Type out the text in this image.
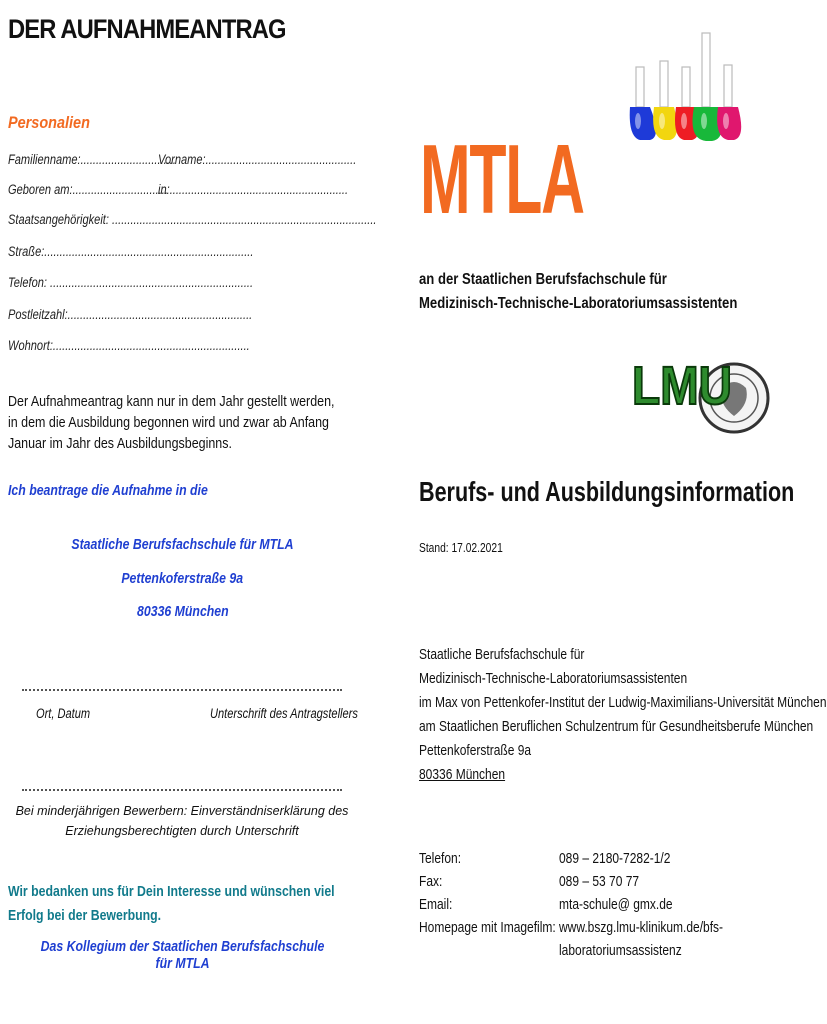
DER AUFNAHMEANTRAG
Personalien
Familienname:...............................
Vorname:.................................................
Geboren am:...............................
in:..........................................................
Staatsangehörigkeit: ......................................................................................
Straße:....................................................................
Telefon: ..................................................................
Postleitzahl:............................................................
Wohnort:................................................................
Der Aufnahmeantrag kann nur in dem Jahr gestellt werden, in dem die Ausbildung begonnen wird und zwar ab Anfang Januar im Jahr des Ausbildungsbeginns.
Ich beantrage die Aufnahme in die
Staatliche Berufsfachschule für MTLA
Pettenkoferstraße 9a
80336 München
Ort, Datum	Unterschrift des Antragstellers
Bei minderjährigen Bewerbern: Einverständniserklärung des Erziehungsberechtigten durch Unterschrift
Wir bedanken uns für Dein Interesse und wünschen viel Erfolg bei der Bewerbung.
Das Kollegium der Staatlichen Berufsfachschule für MTLA
MTLA
an der Staatlichen Berufsfachschule für
Medizinisch-Technische-Laboratoriumsassistenten
LMU
Berufs- und Ausbildungsinformation
Stand: 17.02.2021
Staatliche Berufsfachschule für
Medizinisch-Technische-Laboratoriumsassistenten
im Max von Pettenkofer-Institut der Ludwig-Maximilians-Universität München
am Staatlichen Beruflichen Schulzentrum für Gesundheitsberufe München
Pettenkoferstraße 9a
80336 München
Telefon:	089 – 2180-7282-1/2
Fax:	089 – 53 70 77
Email:	mta-schule@ gmx.de
Homepage mit Imagefilm: www.bszg.lmu-klinikum.de/bfs-
laboratoriumsassistenz
